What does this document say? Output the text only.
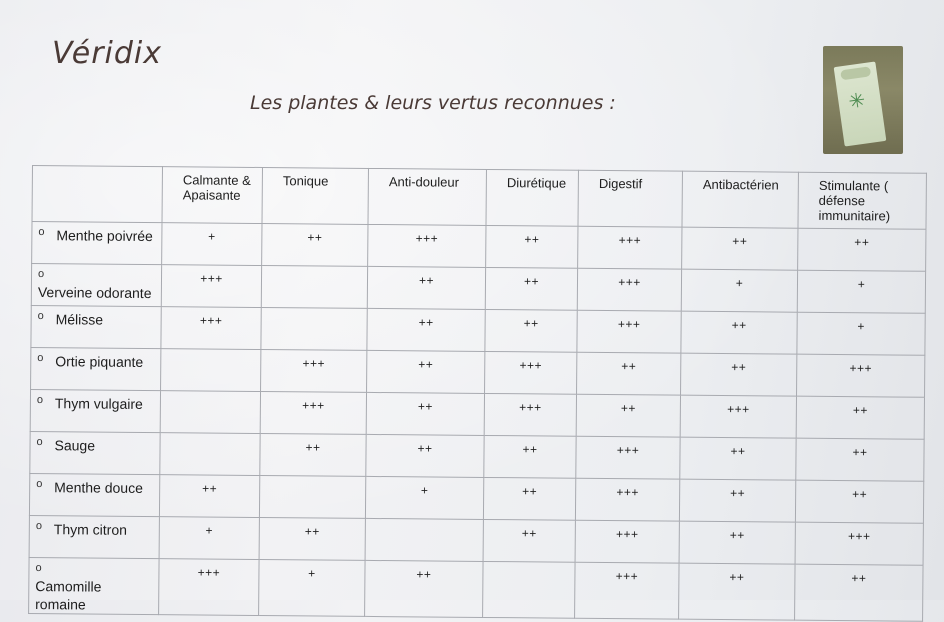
Véridix
Les plantes & leurs vertus reconnues :	✳
	Calmante & Apaisante	Tonique	Anti-douleur	Diurétique	Digestif	Antibactérien	Stimulante ( défense immunitaire)
o Menthe poivrée	+	++	+++	++	+++	++	++
oVerveine odorante	+++		++	++	+++	+	+
o Mélisse	+++		++	++	+++	++	+
o Ortie piquante		+++	++	+++	++	++	+++
o Thym vulgaire		+++	++	+++	++	+++	++
o Sauge		++	++	++	+++	++	++
o Menthe douce	++		+	++	+++	++	++
o Thym citron	+	++		++	+++	++	+++
oCamomille romaine	+++	+	++		+++	++	++
